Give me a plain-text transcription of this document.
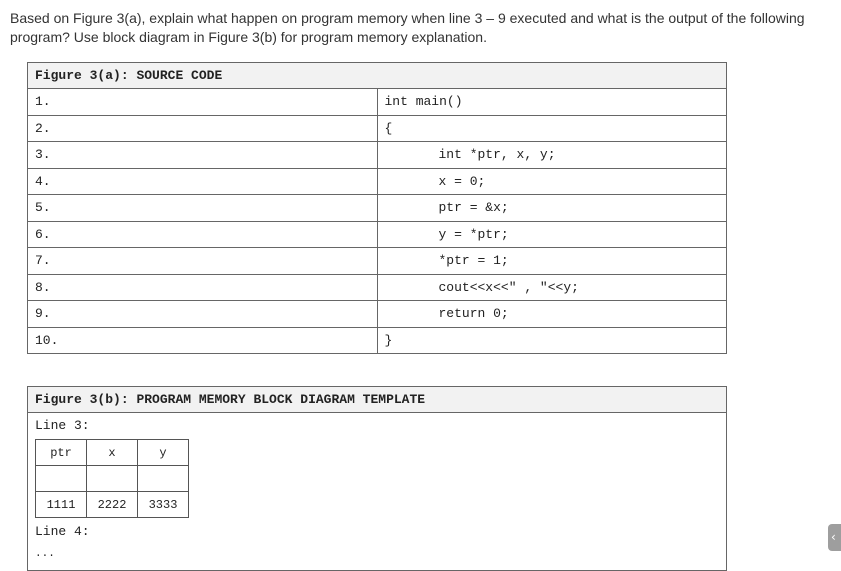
Based on Figure 3(a), explain what happen on program memory when line 3 – 9 executed and what is the output of the following program? Use block diagram in Figure 3(b) for program memory explanation.

Figure 3(a): SOURCE CODE	
1.	int main()
2.	{
3.	int *ptr, x, y;
4.	x = 0;
5.	ptr = &x;
6.	y = *ptr;
7.	*ptr = 1;
8.	cout<<x<<" , "<<y;
9.	return 0;
10.	}
Figure 3(b): PROGRAM MEMORY BLOCK DIAGRAM TEMPLATE

Line 3:
ptr	x	y

1111	2222	3333
Line 4:
...
‹
